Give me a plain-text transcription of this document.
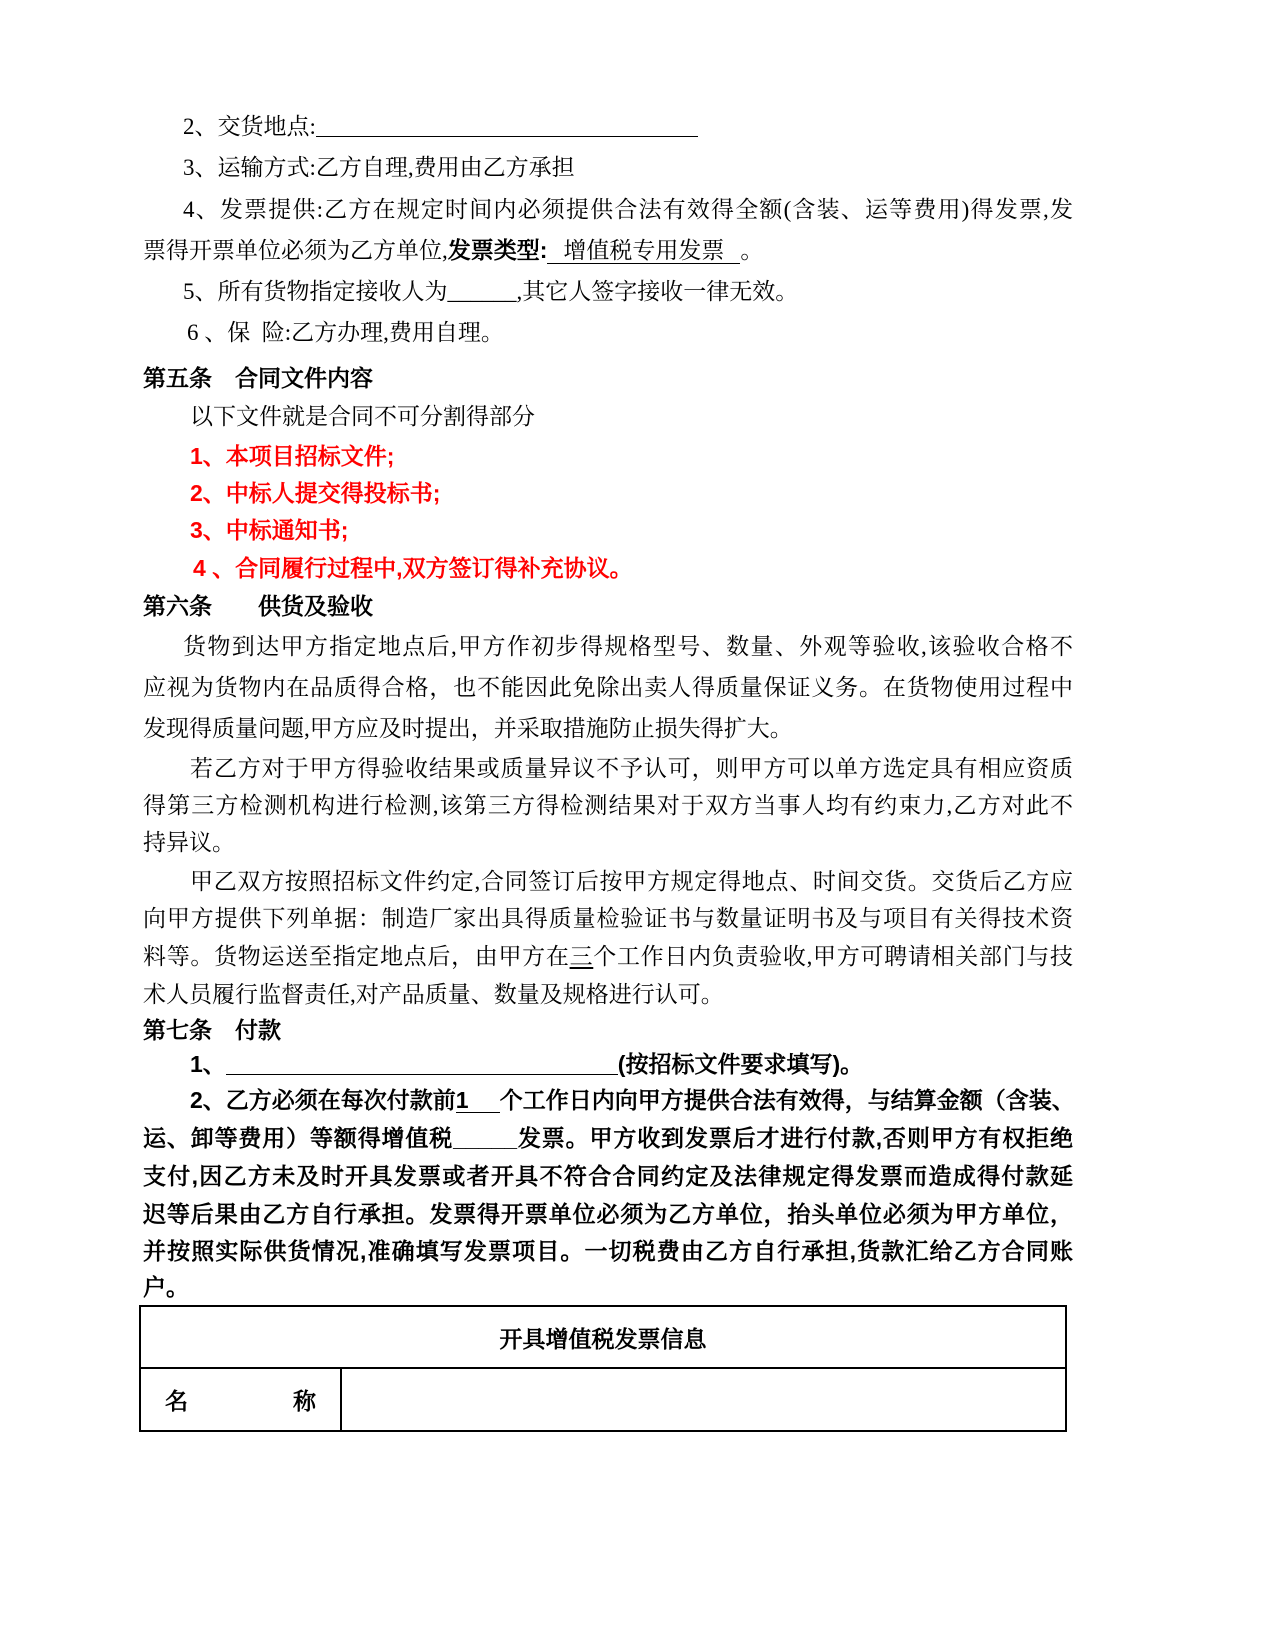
2、交货地点:
3、运输方式:乙方自理,费用由乙方承担
4、发票提供:乙方在规定时间内必须提供合法有效得全额(含装、运等费用)得发票,发
票得开票单位必须为乙方单位,发票类型: 增值税专用发票 。
5、所有货物指定接收人为______,其它人签字接收一律无效。
6 、保  险:乙方办理,费用自理。
第五条　合同文件内容
以下文件就是合同不可分割得部分
1、本项目招标文件;
2、中标人提交得投标书;
3、中标通知书;
4 、合同履行过程中,双方签订得补充协议。
第六条　　供货及验收
货物到达甲方指定地点后,甲方作初步得规格型号、数量、外观等验收,该验收合格不
应视为货物内在品质得合格，也不能因此免除出卖人得质量保证义务。在货物使用过程中
发现得质量问题,甲方应及时提出，并采取措施防止损失得扩大。
若乙方对于甲方得验收结果或质量异议不予认可，则甲方可以单方选定具有相应资质
得第三方检测机构进行检测,该第三方得检测结果对于双方当事人均有约束力,乙方对此不
持异议。
甲乙双方按照招标文件约定,合同签订后按甲方规定得地点、时间交货。交货后乙方应
向甲方提供下列单据：制造厂家出具得质量检验证书与数量证明书及与项目有关得技术资
料等。货物运送至指定地点后，由甲方在三个工作日内负责验收,甲方可聘请相关部门与技
术人员履行监督责任,对产品质量、数量及规格进行认可。
第七条　付款
1、	(按招标文件要求填写)。
2、乙方必须在每次付款前1 个工作日内向甲方提供合法有效得，与结算金额（含装、
运、卸等费用）等额得增值税_____发票。甲方收到发票后才进行付款,否则甲方有权拒绝
支付,因乙方未及时开具发票或者开具不符合合同约定及法律规定得发票而造成得付款延
迟等后果由乙方自行承担。发票得开票单位必须为乙方单位，抬头单位必须为甲方单位，
并按照实际供货情况,准确填写发票项目。一切税费由乙方自行承担,货款汇给乙方合同账
户。
开具增值税发票信息
名　　　　称
